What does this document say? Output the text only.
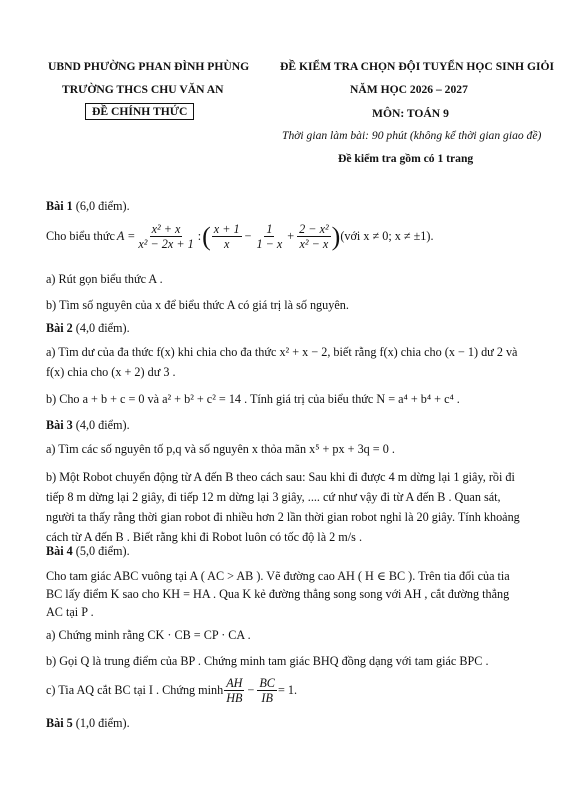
UBND PHƯỜNG PHAN ĐÌNH PHÙNG
TRƯỜNG THCS CHU VĂN AN
ĐỀ CHÍNH THỨC
ĐỀ KIỂM TRA CHỌN ĐỘI TUYỂN HỌC SINH GIỎI
NĂM HỌC 2026 – 2027
MÔN: TOÁN 9
Thời gian làm bài: 90 phút (không kể thời gian giao đề)
Đề kiểm tra gồm có 1 trang
Bài 1 (6,0 điểm).
Cho biểu thức $A = \frac{\text{x² + x}}{\text{x² − 2x + 1}}$ : ( $\frac{x + 1}{x} - \frac{1}{1 - x} + \frac{\text{2 − x²}}{\text{x² − x}}$ ) (với x ≠ 0; x ≠ ±1).
a) Rút gọn biểu thức A .
b) Tìm số nguyên của x để biểu thức A có giá trị là số nguyên.
Bài 2 (4,0 điểm).
a) Tìm dư của đa thức f(x) khi chia cho đa thức x² + x − 2, biết rằng f(x) chia cho (x − 1) dư 2 và
f(x) chia cho (x + 2) dư 3 .
b) Cho a + b + c = 0 và a² + b² + c² = 14 . Tính giá trị của biểu thức N = a⁴ + b⁴ + c⁴ .
Bài 3 (4,0 điểm).
a) Tìm các số nguyên tố p,q và số nguyên x thỏa mãn x⁵ + px + 3q = 0 .
b) Một Robot chuyển động từ A đến B theo cách sau: Sau khi đi được 4 m dừng lại 1 giây, rồi đi
tiếp 8 m dừng lại 2 giây, đi tiếp 12 m dừng lại 3 giây, .... cứ như vậy đi từ A đến B . Quan sát,
người ta thấy rằng thời gian robot đi nhiều hơn 2 lần thời gian robot nghỉ là 20 giây. Tính khoảng
cách từ A đến B . Biết rằng khi đi Robot luôn có tốc độ là 2 m/s .
Bài 4 (5,0 điểm).
Cho tam giác ABC vuông tại A ( AC > AB ). Vẽ đường cao AH ( H ∈ BC ). Trên tia đối của tia
BC lấy điểm K sao cho KH = HA . Qua K kẻ đường thẳng song song với AH , cắt đường thẳng
AC tại P .
a) Chứng minh rằng CK · CB = CP · CA .
b) Gọi Q là trung điểm của BP . Chứng minh tam giác BHQ đồng dạng với tam giác BPC .
c) Tia AQ cắt BC tại I . Chứng minh $\frac{AH}{HB} - \frac{BC}{IB} = 1$.
Bài 5 (1,0 điểm).
